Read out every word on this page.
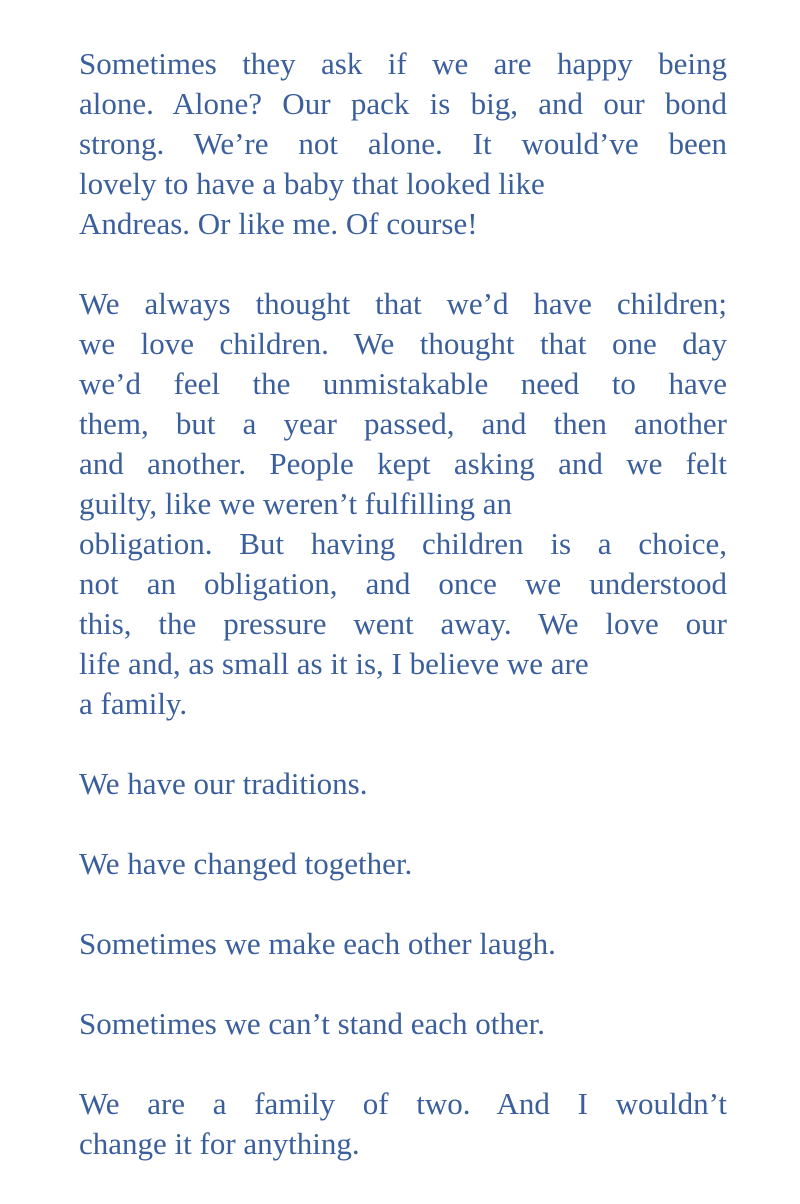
Sometimes they ask if we are happy being
alone. Alone? Our pack is big, and our bond
strong. We’re not alone. It would’ve been
lovely to have a baby that looked like
Andreas. Or like me. Of course!
We always thought that we’d have children;
we love children. We thought that one day
we’d feel the unmistakable need to have
them, but a year passed, and then another
and another. People kept asking and we felt
guilty, like we weren’t fulfilling an
obligation. But having children is a choice,
not an obligation, and once we understood
this, the pressure went away. We love our
life and, as small as it is, I believe we are
a family.
We have our traditions.
We have changed together.
Sometimes we make each other laugh.
Sometimes we can’t stand each other.
We are a family of two. And I wouldn’t
change it for anything.
